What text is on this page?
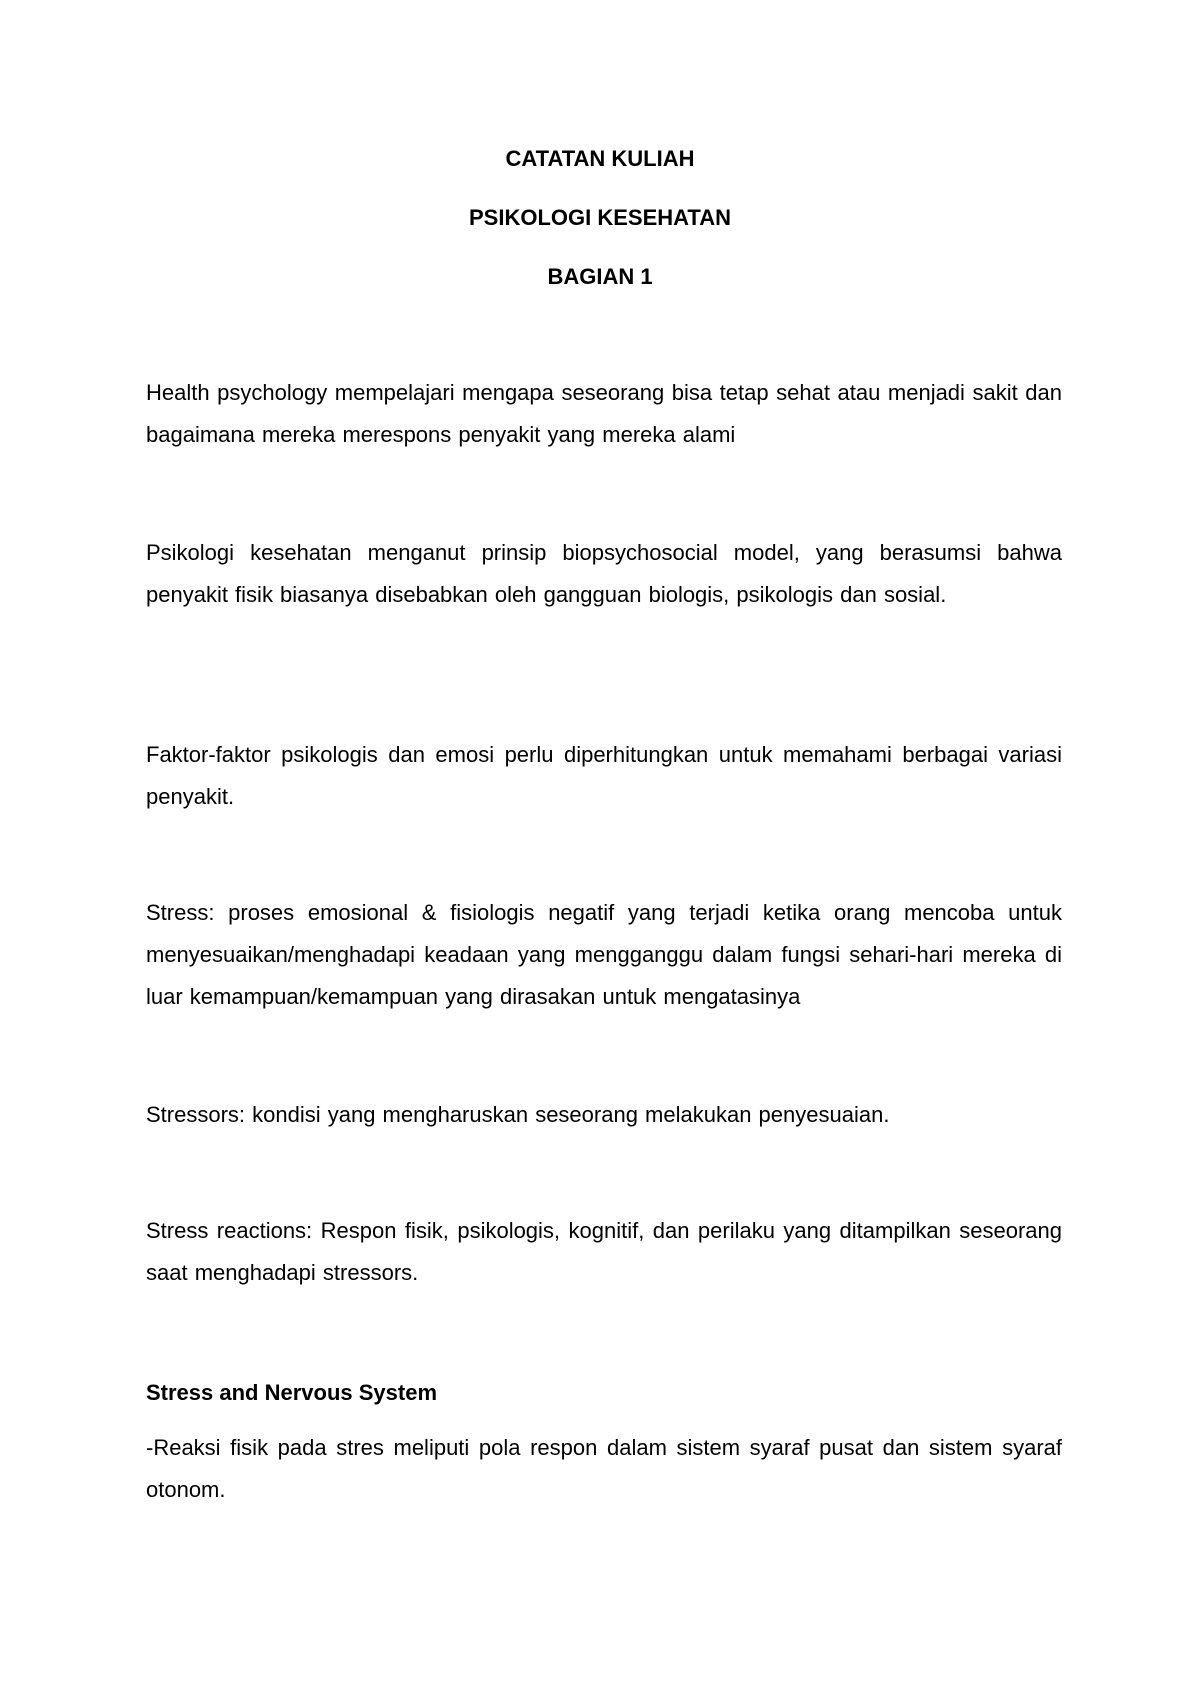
CATATAN KULIAH

PSIKOLOGI KESEHATAN

BAGIAN 1

Health psychology mempelajari mengapa seseorang bisa tetap sehat atau menjadi sakit dan bagaimana mereka merespons penyakit yang mereka alami

Psikologi kesehatan menganut prinsip biopsychosocial model, yang berasumsi bahwa penyakit fisik biasanya disebabkan oleh gangguan biologis, psikologis dan sosial.

Faktor-faktor psikologis dan emosi perlu diperhitungkan untuk memahami berbagai variasi penyakit.

Stress: proses emosional & fisiologis negatif yang terjadi ketika orang mencoba untuk menyesuaikan/menghadapi keadaan yang mengganggu dalam fungsi sehari-hari mereka di luar kemampuan/kemampuan yang dirasakan untuk mengatasinya

Stressors: kondisi yang mengharuskan seseorang melakukan penyesuaian.

Stress reactions: Respon fisik, psikologis, kognitif, dan perilaku yang ditampilkan seseorang saat menghadapi stressors.

Stress and Nervous System

-Reaksi fisik pada stres meliputi pola respon dalam sistem syaraf pusat dan sistem syaraf otonom.
